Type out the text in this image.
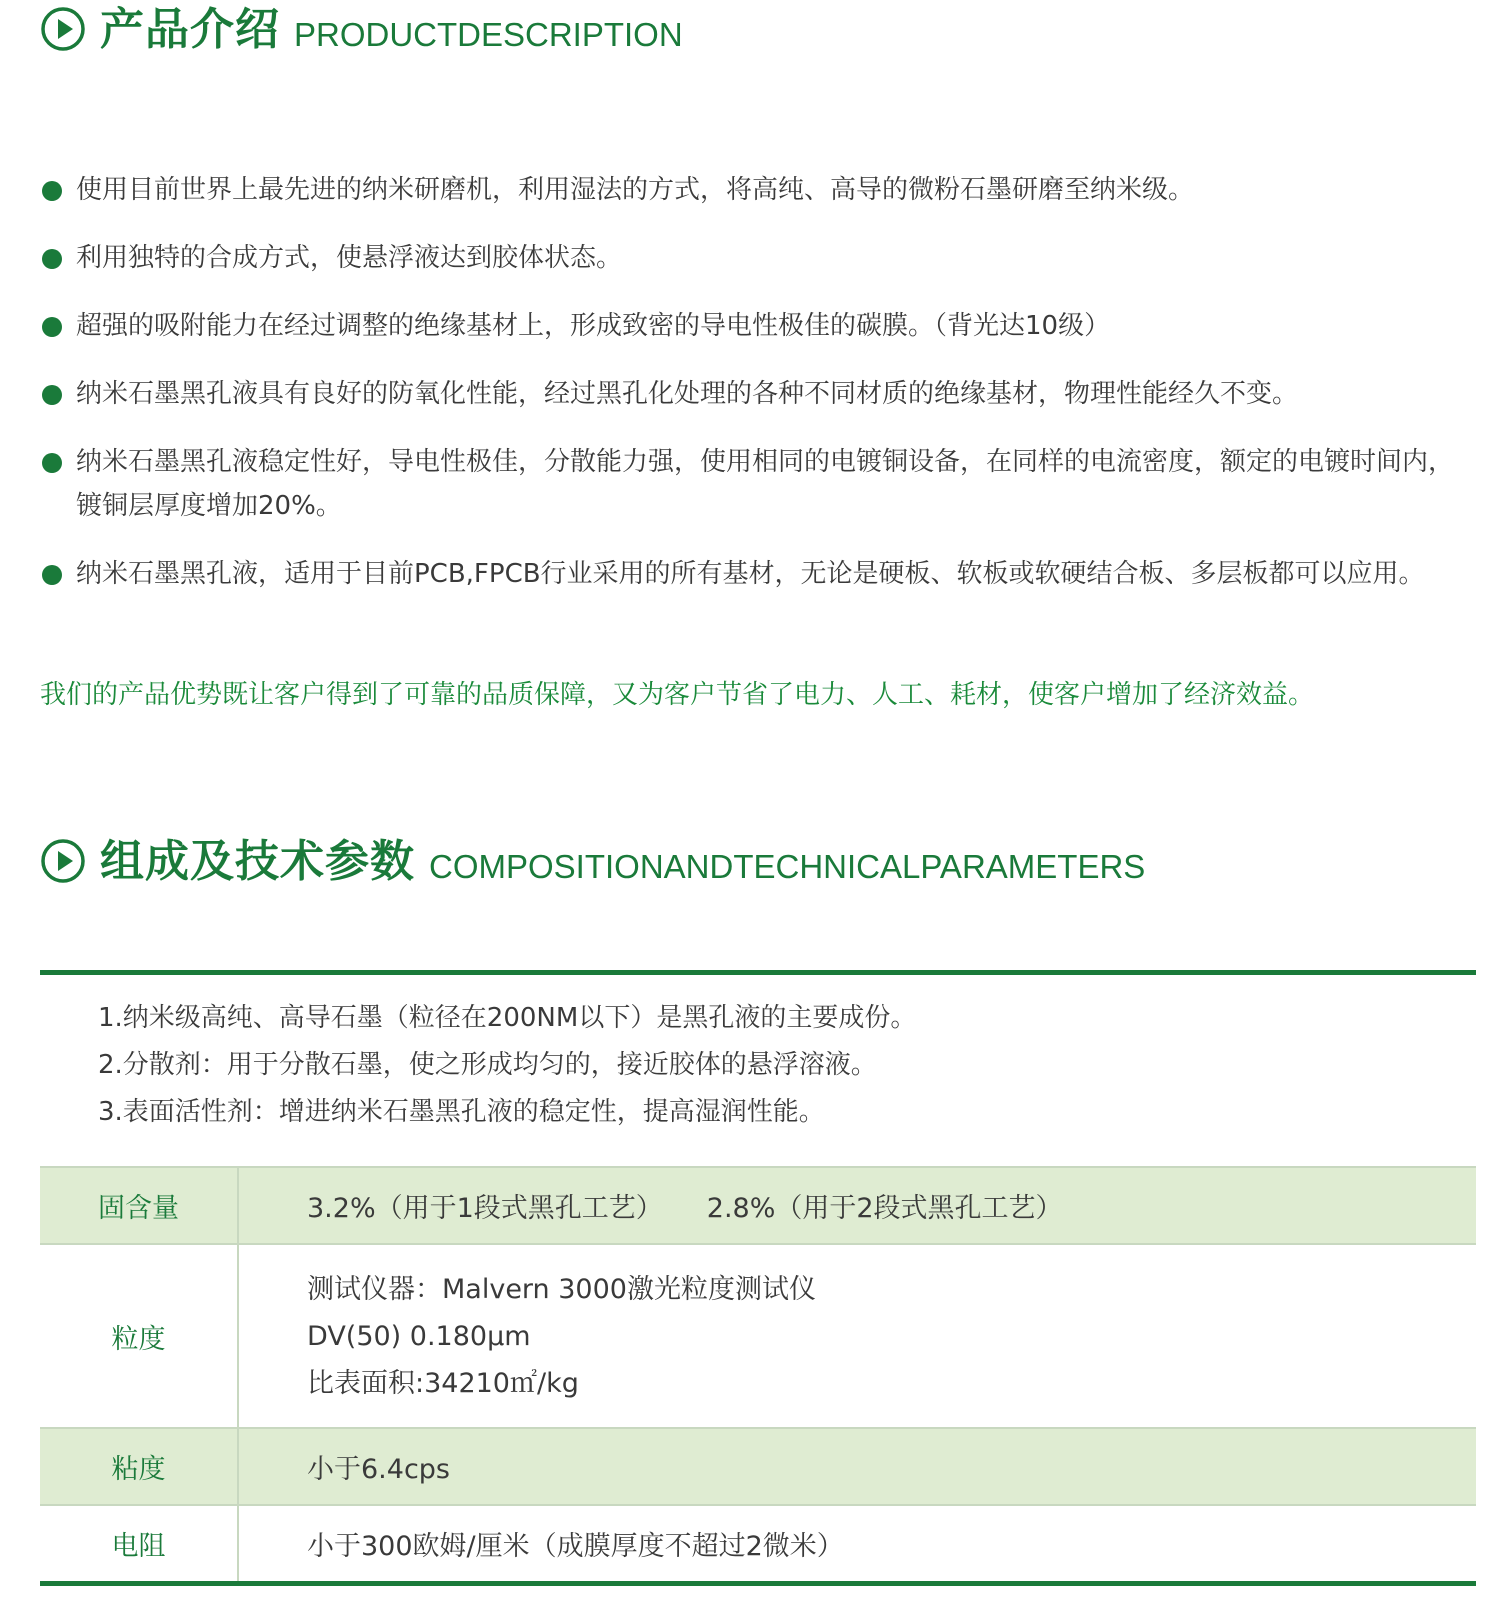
产品介绍 PRODUCTDESCRIPTION
使用目前世界上最先进的纳米研磨机，利用湿法的方式，将高纯、高导的微粉石墨研磨至纳米级。
利用独特的合成方式，使悬浮液达到胶体状态。
超强的吸附能力在经过调整的绝缘基材上，形成致密的导电性极佳的碳膜。（背光达10级）
纳米石墨黑孔液具有良好的防氧化性能，经过黑孔化处理的各种不同材质的绝缘基材，物理性能经久不变。
纳米石墨黑孔液稳定性好，导电性极佳，分散能力强，使用相同的电镀铜设备，在同样的电流密度，额定的电镀时间内，镀铜层厚度增加20%。
纳米石墨黑孔液，适用于目前PCB,FPCB行业采用的所有基材，无论是硬板、软板或软硬结合板、多层板都可以应用。
我们的产品优势既让客户得到了可靠的品质保障，又为客户节省了电力、人工、耗材，使客户增加了经济效益。
组成及技术参数 COMPOSITIONANDTECHNICALPARAMETERS
1.纳米级高纯、高导石墨（粒径在200NM以下）是黑孔液的主要成份。
2.分散剂：用于分散石墨，使之形成均匀的，接近胶体的悬浮溶液。
3.表面活性剂：增进纳米石墨黑孔液的稳定性，提高湿润性能。
固含量	3.2%（用于1段式黑孔工艺） 2.8%（用于2段式黑孔工艺）
粒度	测试仪器：Malvern 3000激光粒度测试仪
DV(50) 0.180μm
比表面积:34210㎡/kg

粘度	小于6.4cps
电阻	小于300欧姆/厘米（成膜厚度不超过2微米）
